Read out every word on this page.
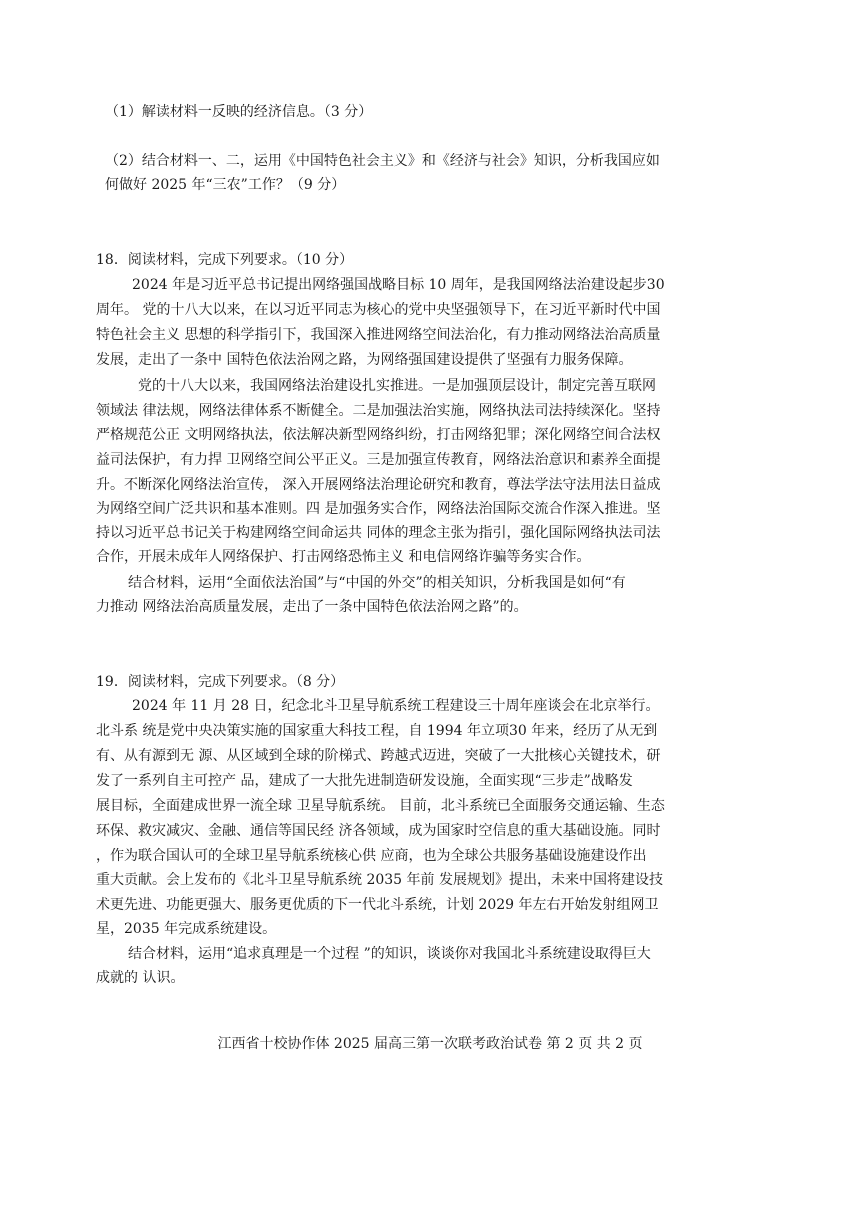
（1）解读材料一反映的经济信息。（3 分）
（2）结合材料一、二，运用《中国特色社会主义》和《经济与社会》知识，分析我国应如
何做好 2025 年“三农”工作？（9 分）
18．阅读材料，完成下列要求。（10 分）
2024 年是习近平总书记提出网络强国战略目标 10 周年，是我国网络法治建设起步30
周年。 党的十八大以来，在以习近平同志为核心的党中央坚强领导下，在习近平新时代中国
特色社会主义 思想的科学指引下，我国深入推进网络空间法治化，有力推动网络法治高质量
发展，走出了一条中 国特色依法治网之路，为网络强国建设提供了坚强有力服务保障。
党的十八大以来，我国网络法治建设扎实推进。一是加强顶层设计，制定完善互联网
领域法 律法规，网络法律体系不断健全。二是加强法治实施，网络执法司法持续深化。坚持
严格规范公正 文明网络执法，依法解决新型网络纠纷，打击网络犯罪；深化网络空间合法权
益司法保护，有力捍 卫网络空间公平正义。三是加强宣传教育，网络法治意识和素养全面提
升。不断深化网络法治宣传， 深入开展网络法治理论研究和教育，尊法学法守法用法日益成
为网络空间广泛共识和基本准则。四 是加强务实合作，网络法治国际交流合作深入推进。坚
持以习近平总书记关于构建网络空间命运共 同体的理念主张为指引，强化国际网络执法司法
合作，开展未成年人网络保护、打击网络恐怖主义 和电信网络诈骗等务实合作。
结合材料，运用“全面依法治国”与“中国的外交”的相关知识，分析我国是如何“有
力推动 网络法治高质量发展，走出了一条中国特色依法治网之路”的。
19．阅读材料，完成下列要求。（8 分）
2024 年 11 月 28 日，纪念北斗卫星导航系统工程建设三十周年座谈会在北京举行。
北斗系 统是党中央决策实施的国家重大科技工程，自 1994 年立项30 年来，经历了从无到
有、从有源到无 源、从区域到全球的阶梯式、跨越式迈进，突破了一大批核心关键技术，研
发了一系列自主可控产 品，建成了一大批先进制造研发设施，全面实现“三步走”战略发
展目标，全面建成世界一流全球 卫星导航系统。 目前，北斗系统已全面服务交通运输、生态
环保、救灾减灾、金融、通信等国民经 济各领域，成为国家时空信息的重大基础设施。同时
，作为联合国认可的全球卫星导航系统核心供 应商，也为全球公共服务基础设施建设作出
重大贡献。会上发布的《北斗卫星导航系统 2035 年前 发展规划》提出，未来中国将建设技
术更先进、功能更强大、服务更优质的下一代北斗系统，计划 2029 年左右开始发射组网卫
星，2035 年完成系统建设。
结合材料，运用“追求真理是一个过程 ”的知识，谈谈你对我国北斗系统建设取得巨大
成就的 认识。
江西省十校协作体 2025 届高三第一次联考政治试卷 第 2 页 共 2 页
